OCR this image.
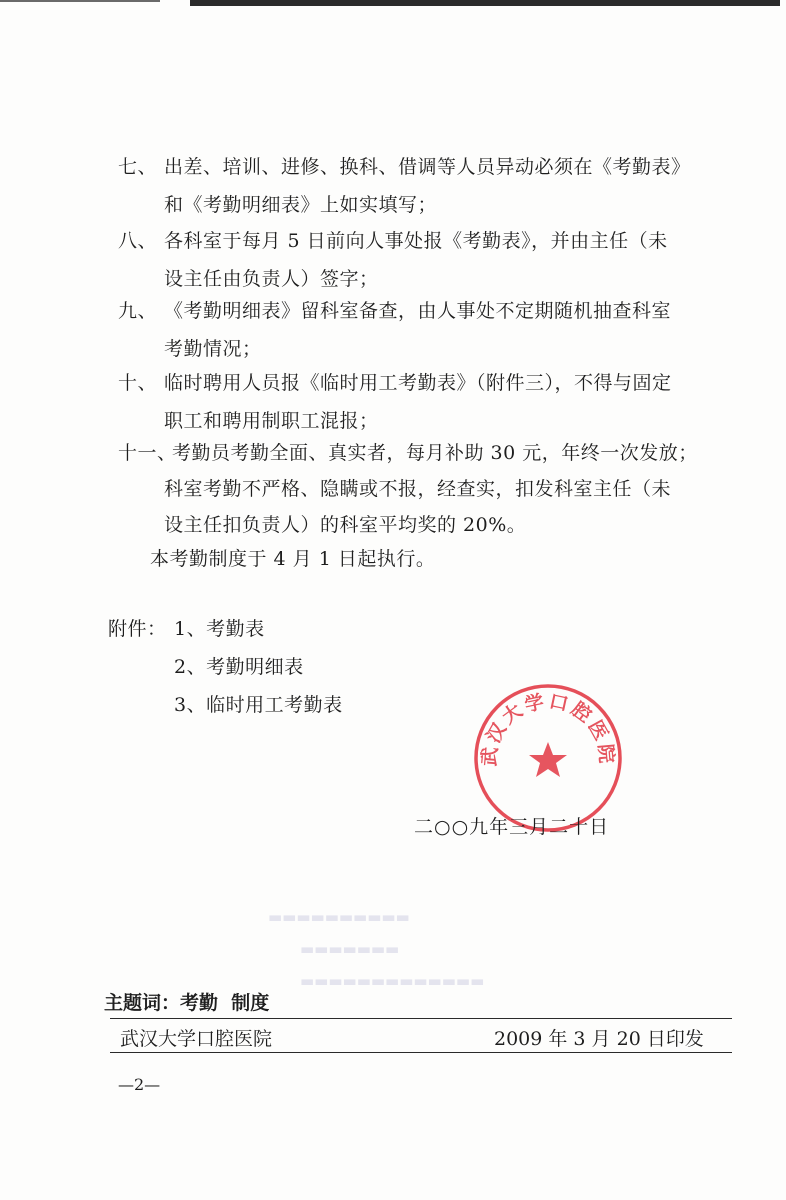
七、 出差、培训、进修、换科、借调等人员异动必须在《考勤表》
和《考勤明细表》上如实填写；
八、 各科室于每月 5 日前向人事处报《考勤表》，并由主任（未
设主任由负责人）签字；
九、 《考勤明细表》留科室备查，由人事处不定期随机抽查科室
考勤情况；
十、 临时聘用人员报《临时用工考勤表》（附件三），不得与固定
职工和聘用制职工混报；
十一、
考勤员考勤全面、真实者，每月补助 30 元，年终一次发放；
科室考勤不严格、隐瞒或不报，经查实，扣发科室主任（未
设主任扣负责人）的科室平均奖的 20%。
本考勤制度于 4 月 1 日起执行。
附件： 1、考勤表
2、考勤明细表
3、临时用工考勤表
武汉大学口腔医院
二○○九年三月二十日
▬▬▬▬▬▬▬▬▬▬
▬▬▬▬▬▬▬
▬▬▬▬▬▬▬▬▬▬▬▬▬
主题词：考勤  制度
武汉大学口腔医院	2009 年 3 月 20 日印发
—2—
